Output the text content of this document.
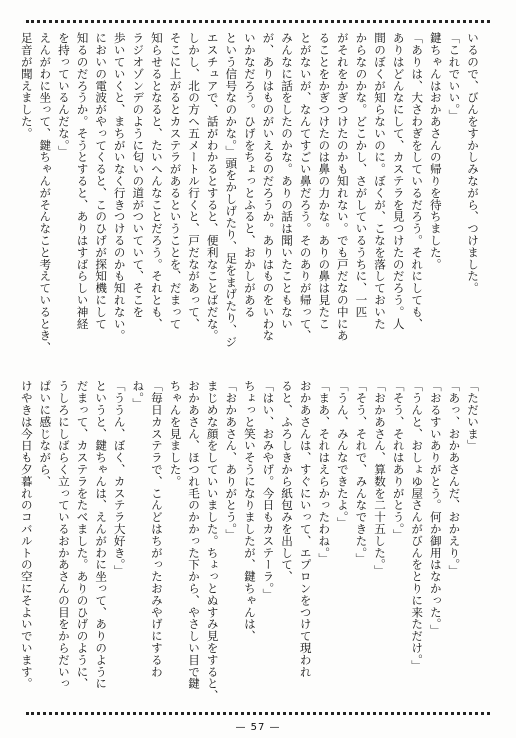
いるので、びんをすかしみながら、つけました。

「これでいい。」

鍵ちゃんはおかあさんの帰りを待ちました。

「ありは、大さわぎをしているだろう。それにしても、

ありはどんなにして、カステラを見つけたのだろう。人

間のぼくが知らないのに。ぼくが、こなを落しておいた

からなのかな。どこかし、さがしているうちに、一匹

がそれをかぎつけたのかも知れない。でも戸だなの中にあ

ることをかぎつけたのは鼻の力かな。ありの鼻は見たこ

とがないが、なんてすごい鼻だろう。そのありが帰って、

みんなに話をしたのかな。ありの話は聞いたこともない

が、ありはものがいえるのだろうか。ありはものをいわな

いかなだろう。ひげをちょっとふると、おかしがある

という信号なのかな。」頭をかしげたり、足をまげたり、ジ

エスチュアで、話がわかるとすると、便利なことばだな。

しかし、北の方へ五メートル行くと、戸だながあって、

そこに上がるとカステラがあるということを、だまって

知らせるとなると、たいへんなことだろう。それとも、

ラジオゾンデのように匂いの道がついていて、そこを

歩いていくと、まちがいなく行きつけるのかも知れない。

においの電波がやってくると、このひげが探知機にして

知るのだろうか。そうとすると、ありはすばらしい神経

を持っているんだな。」

えんがわに坐って、鍵ちゃんがそんなこと考えているとき、

足音が聞えました。

「ただいま」

「あっ、おかあさんだ、おかえり。」

「おるすいありがとう。何か御用はなかった。」

「うんと、おしょゆ屋さんがびんをとりに来ただけ。」

「そう、それはありがとう。」

「おかあさん、算数を二十五した。」

「そう、それで、みんなできた。」

「うん、みんなできたよ。」

「まあ、それはえらかったわね。」

おかあさんは、すぐにいって、エプロンをつけて現われ

ると、ふろしきから紙包みを出して、

「はい、おみやげ。今日もカステーラ。」

ちょっと笑いそうになりましたが、鍵ちゃんは、

「おかあさん、ありがとう。」

まじめな顔をしていいました。ちょっとぬすみ見をすると、

おかあさん、ほつれ毛のかかった下から、やさしい目で鍵

ちゃんを見ました。

「毎日カステラで、こんどはちがったおみやげにするわ

ね。」

「ううん、ぼく、カステラ大好き。」

というと、鍵ちゃんは、えんがわに坐って、ありのように

だまって、カステラをたべました。ありのひげのように、

うしろにしばらく立っているおかあさんの目をからだいっ

ぱいに感じながら、

けやきは今日も夕暮れのコバルトの空にそよいでいます。

— 57 —
